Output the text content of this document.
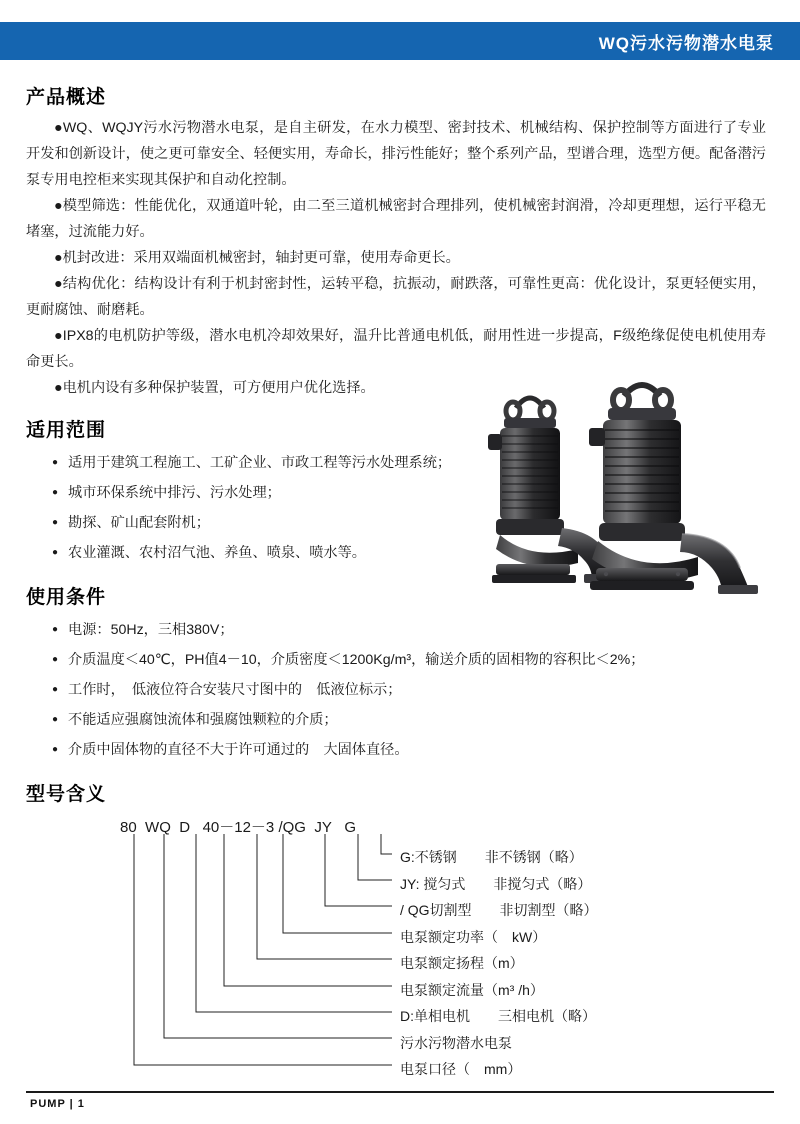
WQ污水污物潜水电泵
产品概述

●WQ、WQJY污水污物潜水电泵，是自主研发，在水力模型、密封技术、机械结构、保护控制等方面进行了专业开发和创新设计，使之更可靠安全、轻便实用，寿命长，排污性能好；整个系列产品，型谱合理，选型方便。配备潜污泵专用电控柜来实现其保护和自动化控制。

●模型筛选：性能优化，双通道叶轮，由二至三道机械密封合理排列，使机械密封润滑，冷却更理想，运行平稳无堵塞，过流能力好。

●机封改进：采用双端面机械密封，轴封更可靠，使用寿命更长。

●结构优化：结构设计有利于机封密封性，运转平稳，抗振动，耐跌落，可靠性更高：优化设计，泵更轻便实用，更耐腐蚀、耐磨耗。

●IPX8的电机防护等级，潜水电机冷却效果好，温升比普通电机低，耐用性进一步提高，F级绝缘促使电机使用寿命更长。

●电机内设有多种保护装置，可方便用户优化选择。

适用范围
● 适用于建筑工程施工、工矿企业、市政工程等污水处理系统；
● 城市环保系统中排污、污水处理；
● 勘探、矿山配套附机；
● 农业灌溉、农村沼气池、养鱼、喷泉、喷水等。
使用条件
● 电源：50Hz，三相380V；
● 介质温度＜40℃，PH值4－10，介质密度＜1200Kg/m³，输送介质的固相物的容积比＜2%；
● 工作时，　低液位符合安装尺寸图中的　低液位标示；
● 不能适应强腐蚀流体和强腐蚀颗粒的介质；
● 介质中固体物的直径不大于许可通过的　大固体直径。
型号含义
80 WQ D 40－12－3 /QG JY G
G:不锈钢　　非不锈钢（略）
JY: 搅匀式　　非搅匀式（略）
/ QG切割型　　非切割型（略）
电泵额定功率（　kW）
电泵额定扬程（m）
电泵额定流量（m³ /h）
D:单相电机　　三相电机（略）
污水污物潜水电泵
电泵口径（　mm）
PUMP | 1
